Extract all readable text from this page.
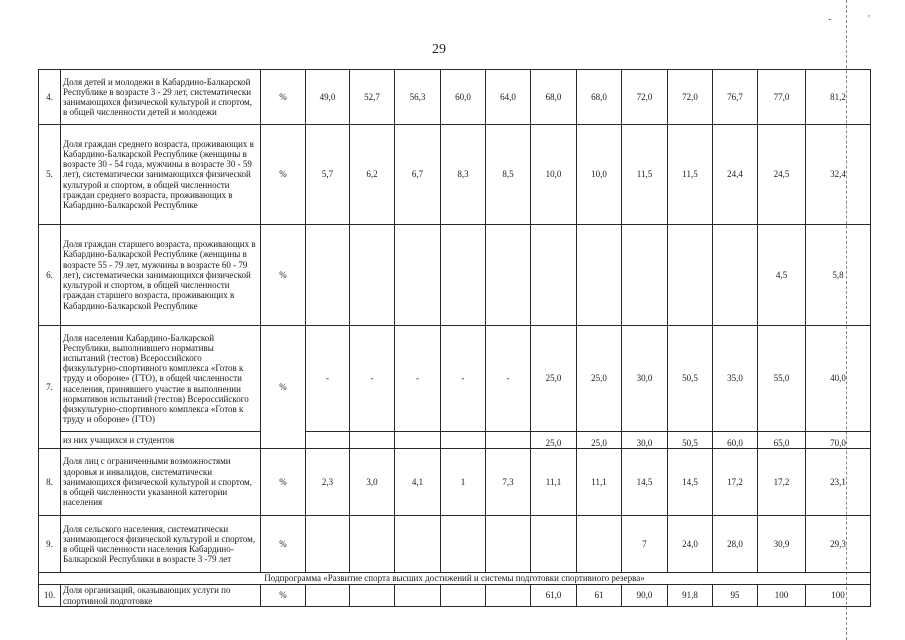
29
-	'
4.	Доля детей и молодежи в Кабардино-Балкарской Республике в возрасте 3 - 29 лет, систематически занимающихся физической культурой и спортом, в общей численности детей и молодежи	%	49,0	52,7	56,3	60,0	64,0	68,0	68,0	72,0	72,0	76,7	77,0	81,2
5.	Доля граждан среднего возраста, проживающих в Кабардино-Балкарской Республике (женщины в возрасте 30 - 54 года, мужчины в возрасте 30 - 59 лет), систематически занимающихся физической культурой и спортом, в общей численности граждан среднего возраста, проживающих в Кабардино-Балкарской Республике	%	5,7	6,2	6,7	8,3	8,5	10,0	10,0	11,5	11,5	24,4	24,5	32,4
6.	Доля граждан старшего возраста, проживающих в Кабардино-Балкарской Республике (женщины в возрасте 55 - 79 лет, мужчины в возрасте 60 - 79 лет), систематически занимающихся физической культурой и спортом, в общей численности граждан старшего возраста, проживающих в Кабардино-Балкарской Республике	%											4,5	5,8
7.	Доля населения Кабардино-Балкарской Республики, выполнившего нормативы испытаний (тестов) Всероссийского физкультурно-спортивного комплекса «Готов к труду и обороне» (ГТО), в общей численности населения, принявшего участие в выполнении нормативов испытаний (тестов) Всероссийского физкультурно-спортивного комплекса «Готов к труду и обороне» (ГТО)	%	-	-	-	-	-	25,0	25,0	30,0	50,5	35,0	55,0	40,0
	из них учащихся и студентов							25,0	25,0	30,0	50,5	60,0	65,0	70,0
8.	Доля лиц с ограниченными возможностями здоровья и инвалидов, систематически занимающихся физической культурой и спортом, в общей численности указанной категории населения	%	2,3	3,0	4,1	1	7,3	11,1	11,1	14,5	14,5	17,2	17,2	23,1
9.	Доля сельского населения, систематически занимающегося физической культурой и спортом, в общей численности населения Кабардино-Балкарской Республики в возрасте 3 -79 лет	%								7	24,0	28,0	30,9	29,3
Подпрограмма «Развитие спорта высших достижений и системы подготовки спортивного резерва»														
10.	Доля организаций, оказывающих услуги по спортивной подготовке	%						61,0	61	90,0	91,8	95	100	100
